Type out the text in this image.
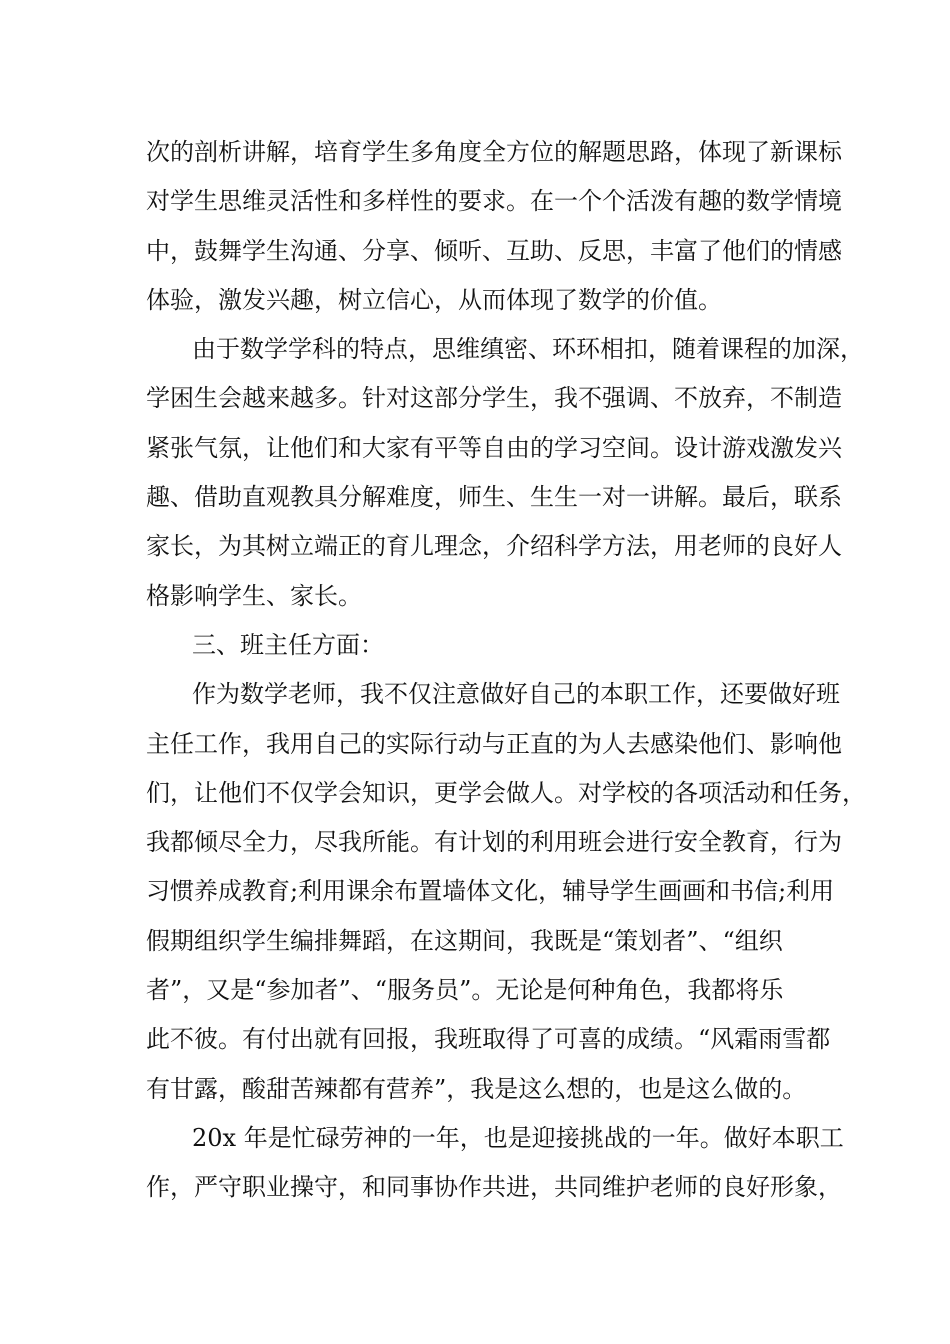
次的剖析讲解，培育学生多角度全方位的解题思路，体现了新课标
对学生思维灵活性和多样性的要求。在一个个活泼有趣的数学情境
中，鼓舞学生沟通、分享、倾听、互助、反思，丰富了他们的情感
体验，激发兴趣，树立信心，从而体现了数学的价值。
由于数学学科的特点，思维缜密、环环相扣，随着课程的加深，
学困生会越来越多。针对这部分学生，我不强调、不放弃，不制造
紧张气氛，让他们和大家有平等自由的学习空间。设计游戏激发兴
趣、借助直观教具分解难度，师生、生生一对一讲解。最后，联系
家长，为其树立端正的育儿理念，介绍科学方法，用老师的良好人
格影响学生、家长。
三、班主任方面：
作为数学老师，我不仅注意做好自己的本职工作，还要做好班
主任工作，我用自己的实际行动与正直的为人去感染他们、影响他
们，让他们不仅学会知识，更学会做人。对学校的各项活动和任务，
我都倾尽全力，尽我所能。有计划的利用班会进行安全教育，行为
习惯养成教育;利用课余布置墙体文化，辅导学生画画和书信;利用
假期组织学生编排舞蹈，在这期间，我既是“策划者”、“组织
者”，又是“参加者”、“服务员”。无论是何种角色，我都将乐
此不彼。有付出就有回报，我班取得了可喜的成绩。“风霜雨雪都
有甘露，酸甜苦辣都有营养”，我是这么想的，也是这么做的。
20x 年是忙碌劳神的一年，也是迎接挑战的一年。做好本职工
作，严守职业操守，和同事协作共进，共同维护老师的良好形象，
